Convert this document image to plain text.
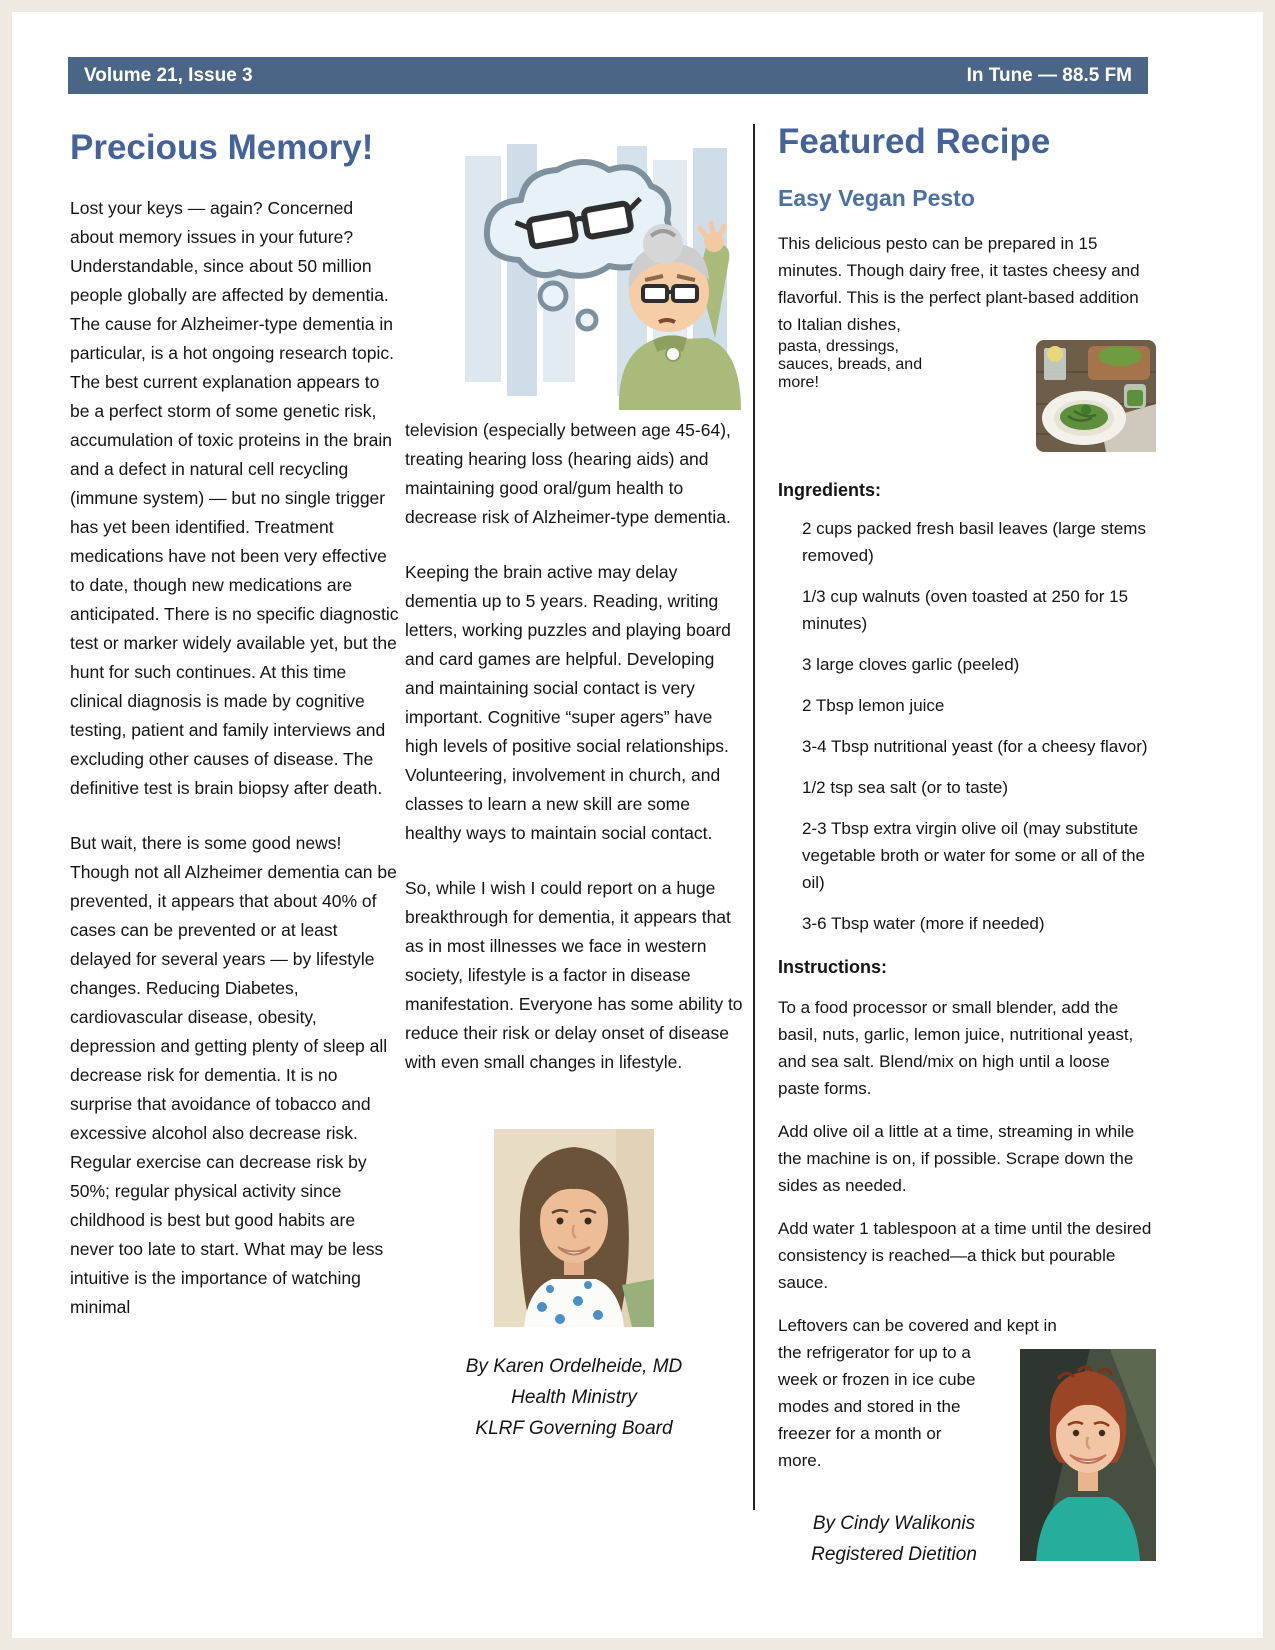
Volume 21, Issue 3	In Tune — 88.5 FM
Precious Memory!

Lost your keys — again? Concerned about memory issues in your future? Understandable, since about 50 million people globally are affected by dementia. The cause for Alzheimer-type dementia in particular, is a hot ongoing research topic. The best current explanation appears to be a perfect storm of some genetic risk, accumulation of toxic proteins in the brain and a defect in natural cell recycling (immune system) — but no single trigger has yet been identified. Treatment medications have not been very effective to date, though new medications are anticipated. There is no specific diagnostic test or marker widely available yet, but the hunt for such continues. At this time clinical diagnosis is made by cognitive testing, patient and family interviews and excluding other causes of disease. The definitive test is brain biopsy after death.

But wait, there is some good news! Though not all Alzheimer dementia can be prevented, it appears that about 40% of cases can be prevented or at least delayed for several years — by lifestyle changes. Reducing Diabetes, cardiovascular disease, obesity, depression and getting plenty of sleep all decrease risk for dementia. It is no surprise that avoidance of tobacco and excessive alcohol also decrease risk. Regular exercise can decrease risk by 50%; regular physical activity since childhood is best but good habits are never too late to start. What may be less intuitive is the importance of watching minimal

television (especially between age 45-64), treating hearing loss (hearing aids) and maintaining good oral/gum health to decrease risk of Alzheimer-type dementia.

Keeping the brain active may delay dementia up to 5 years. Reading, writing letters, working puzzles and playing board and card games are helpful. Developing and maintaining social contact is very important. Cognitive “super agers” have high levels of positive social relationships. Volunteering, involvement in church, and classes to learn a new skill are some healthy ways to maintain social contact.

So, while I wish I could report on a huge breakthrough for dementia, it appears that as in most illnesses we face in western society, lifestyle is a factor in disease manifestation. Everyone has some ability to reduce their risk or delay onset of disease with even small changes in lifestyle.

By Karen Ordelheide, MD
Health Ministry
KLRF Governing Board
Featured Recipe
Easy Vegan Pesto

This delicious pesto can be prepared in 15 minutes. Though dairy free, it tastes cheesy and flavorful. This is the perfect plant-based addition to Italian dishes,

pasta, dressings, sauces, breads, and more!
Ingredients:
2 cups packed fresh basil leaves (large stems removed)
1/3 cup walnuts (oven toasted at 250 for 15 minutes)
3 large cloves garlic (peeled)
2 Tbsp lemon juice
3-4 Tbsp nutritional yeast (for a cheesy flavor)
1/2 tsp sea salt (or to taste)
2-3 Tbsp extra virgin olive oil (may substitute vegetable broth or water for some or all of the oil)
3-6 Tbsp water (more if needed)
Instructions:

To a food processor or small blender, add the basil, nuts, garlic, lemon juice, nutritional yeast, and sea salt. Blend/mix on high until a loose paste forms.

Add olive oil a little at a time, streaming in while the machine is on, if possible. Scrape down the sides as needed.

Add water 1 tablespoon at a time until the desired consistency is reached—a thick but pourable sauce.

Leftovers can be covered and kept in
the refrigerator for up to a week or frozen in ice cube modes and stored in the freezer for a month or more.

By Cindy Walikonis
Registered Dietition
